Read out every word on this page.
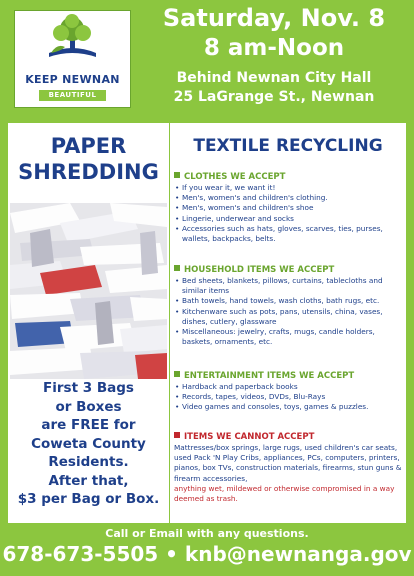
KEEP NEWNAN
BEAUTIFUL
Saturday, Nov. 8
8 am-Noon
Behind Newnan City Hall
25 LaGrange St., Newnan
PAPER
SHREDDING
First 3 Bags
or Boxes
are FREE for
Coweta County
Residents.
After that,
$3 per Bag or Box.
TEXTILE RECYCLING
CLOTHES WE ACCEPT
• If you wear it, we want it!
• Men's, women's and children's clothing.
• Men's, women's and children's shoe
• Lingerie, underwear and socks
• Accessories such as hats, gloves, scarves, ties, purses, wallets, backpacks, belts.
HOUSEHOLD ITEMS WE ACCEPT
• Bed sheets, blankets, pillows, curtains, tablecloths and similar items
• Bath towels, hand towels, wash cloths, bath rugs, etc.
• Kitchenware such as pots, pans, utensils, china, vases, dishes, cutlery, glassware
• Miscellaneous: jewelry, crafts, mugs, candle holders, baskets, ornaments, etc.
ENTERTAINMENT ITEMS WE ACCEPT
• Hardback and paperback books
• Records, tapes, videos, DVDs, Blu-Rays
• Video games and consoles, toys, games & puzzles.
ITEMS WE CANNOT ACCEPT
Mattresses/box springs, large rugs, used children's car seats, used Pack 'N Play Cribs, appliances, PCs, computers, printers, pianos, box TVs, construction materials, firearms, stun guns & firearm accessories,
anything wet, mildewed or otherwise compromised in a way deemed as trash.
Call or Email with any questions.
678-673-5505 • knb@newnanga.gov
